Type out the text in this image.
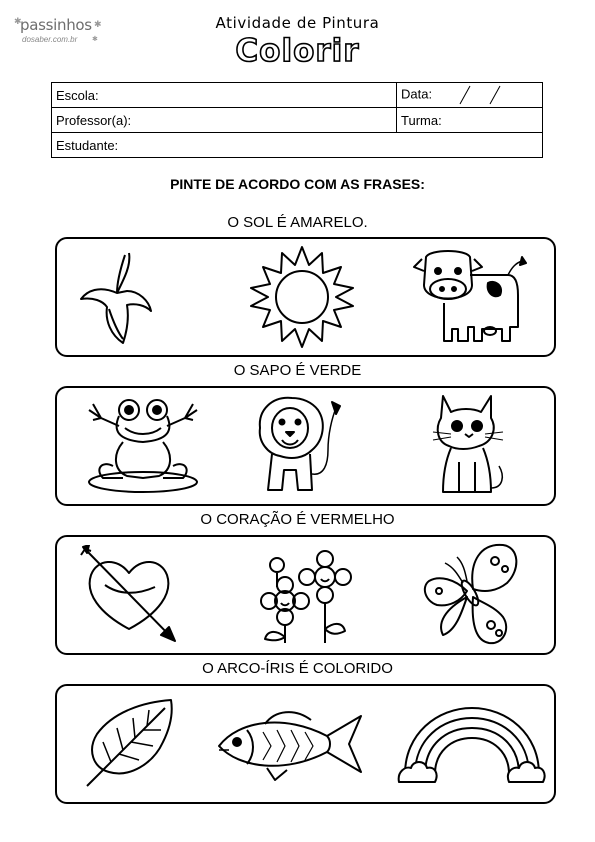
✱
passinhos ✱
dosaber.com.br ✱
Atividade de Pintura
Colorir
Escola:	Data:
Professor(a):	Turma:
Estudante:	
PINTE DE ACORDO COM AS FRASES:
O SOL É AMARELO.
O SAPO É VERDE
O CORAÇÃO É VERMELHO
O ARCO-ÍRIS É COLORIDO
